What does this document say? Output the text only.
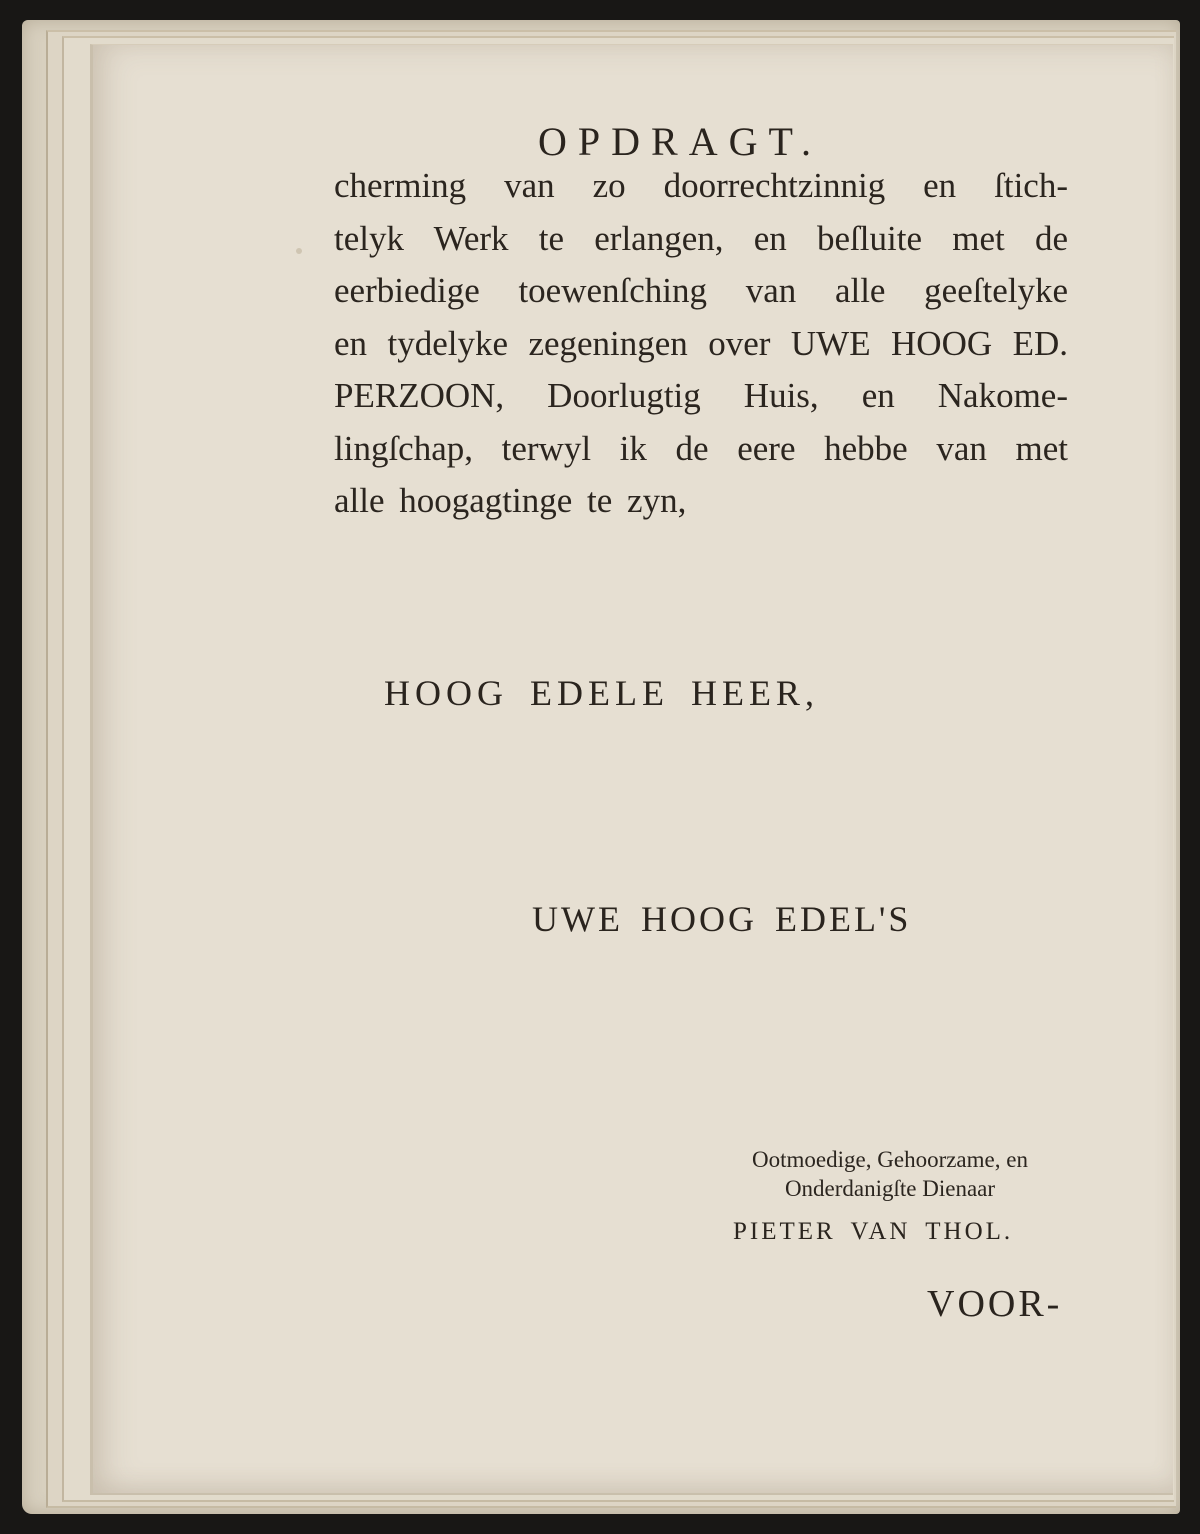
OPDRAGT.
cherming van zo doorrechtzinnig en ſtich-
telyk Werk te erlangen, en beſluite met de
eerbiedige toewenſching van alle geeſtelyke
en tydelyke zegeningen over UWE HOOG ED.
PERZOON, Doorlugtig Huis, en Nakome-
lingſchap, terwyl ik de eere hebbe van met
alle hoogagtinge te zyn,
HOOG EDELE HEER,
UWE HOOG EDEL'S
Ootmoedige, Gehoorzame, en
Onderdanigſte Dienaar
PIETER VAN THOL.
VOOR-
